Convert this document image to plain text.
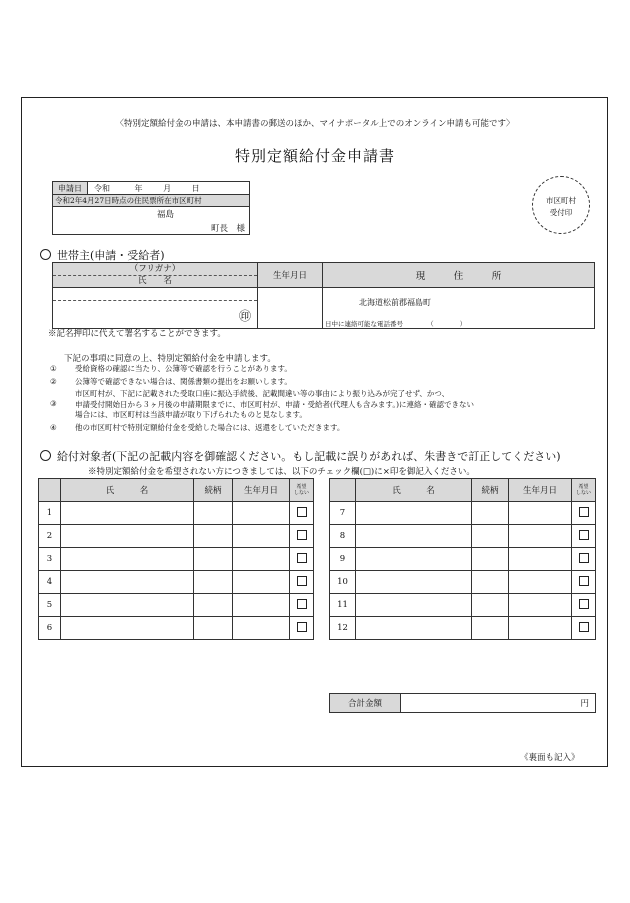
〈特別定額給付金の申請は、本申請書の郵送のほか、マイナポータル上でのオンライン申請も可能です〉
特別定額給付金申請書
申請日	令和	年	月	日
令和2年4月27日時点の住民票所在市区町村

福島
町長　様
市区町村
受付印
世帯主(申請・受給者)
（フリガナ）
氏　　名	生年月日	現　　　住　　　所

㊞		北海道松前郡福島町
日中に連絡可能な電話番号 （　　　　）
※記名押印に代えて署名することができます。
下記の事項に同意の上、特別定額給付金を申請します。
①	受給資格の確認に当たり、公簿等で確認を行うことがあります。
②	公簿等で確認できない場合は、関係書類の提出をお願いします。
③
市区町村が、下記に記載された受取口座に振込手続後、記載間違い等の事由により振り込みが完了せず、かつ、
申請受付開始日から３ヶ月後の申請期限までに、市区町村が、申請・受給者(代理人も含みます。)に連絡・確認できない
場合には、市区町村は当該申請が取り下げられたものと見なします。
④	他の市区町村で特別定額給付金を受給した場合には、返還をしていただきます。
給付対象者(下記の記載内容を御確認ください。もし記載に誤りがあれば、朱書きで訂正してください)
※特別定額給付金を希望されない方につきましては、以下のチェック欄(□)に×印を御記入ください。
	氏　　　名	続柄	生年月日	希望
しない
1				
2				
3				
4				
5				
6				
	氏　　　名	続柄	生年月日	希望
しない
7				
8				
9				
10				
11				
12				
合計金額	円
《裏面も記入》
